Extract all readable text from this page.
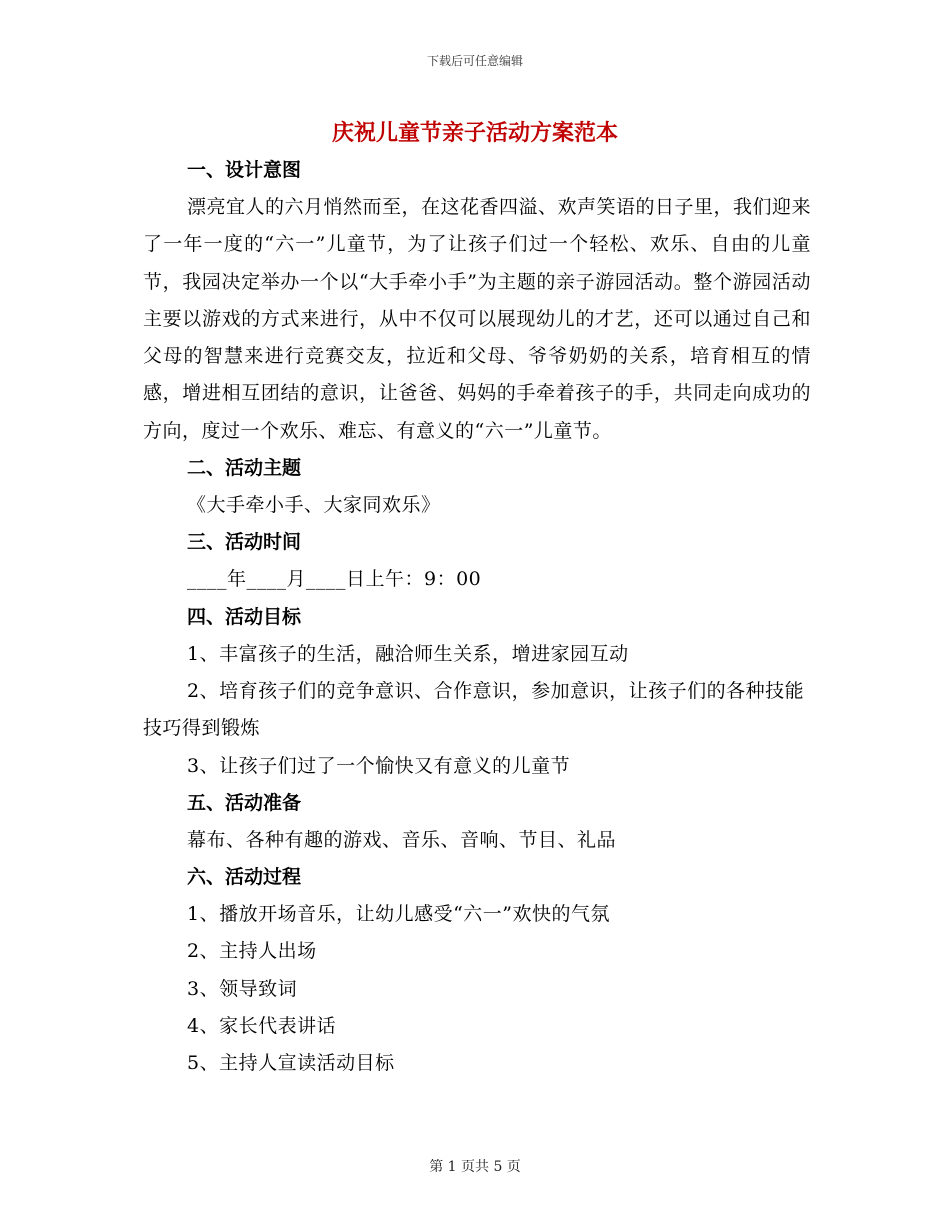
下载后可任意编辑
庆祝儿童节亲子活动方案范本
一、设计意图
漂亮宜人的六月悄然而至，在这花香四溢、欢声笑语的日子里，我们迎来了一年一度的“六一”儿童节，为了让孩子们过一个轻松、欢乐、自由的儿童节，我园决定举办一个以“大手牵小手”为主题的亲子游园活动。整个游园活动主要以游戏的方式来进行，从中不仅可以展现幼儿的才艺，还可以通过自己和父母的智慧来进行竞赛交友，拉近和父母、爷爷奶奶的关系，培育相互的情感，增进相互团结的意识，让爸爸、妈妈的手牵着孩子的手，共同走向成功的方向，度过一个欢乐、难忘、有意义的“六一”儿童节。
二、活动主题
《大手牵小手、大家同欢乐》
三、活动时间
____年____月____日上午：9：00
四、活动目标
1、丰富孩子的生活，融洽师生关系，增进家园互动
2、培育孩子们的竞争意识、合作意识，参加意识，让孩子们的各种技能技巧得到锻炼
3、让孩子们过了一个愉快又有意义的儿童节
五、活动准备
幕布、各种有趣的游戏、音乐、音响、节目、礼品
六、活动过程
1、播放开场音乐，让幼儿感受“六一”欢快的气氛
2、主持人出场
3、领导致词
4、家长代表讲话
5、主持人宣读活动目标
第 1 页共 5 页
